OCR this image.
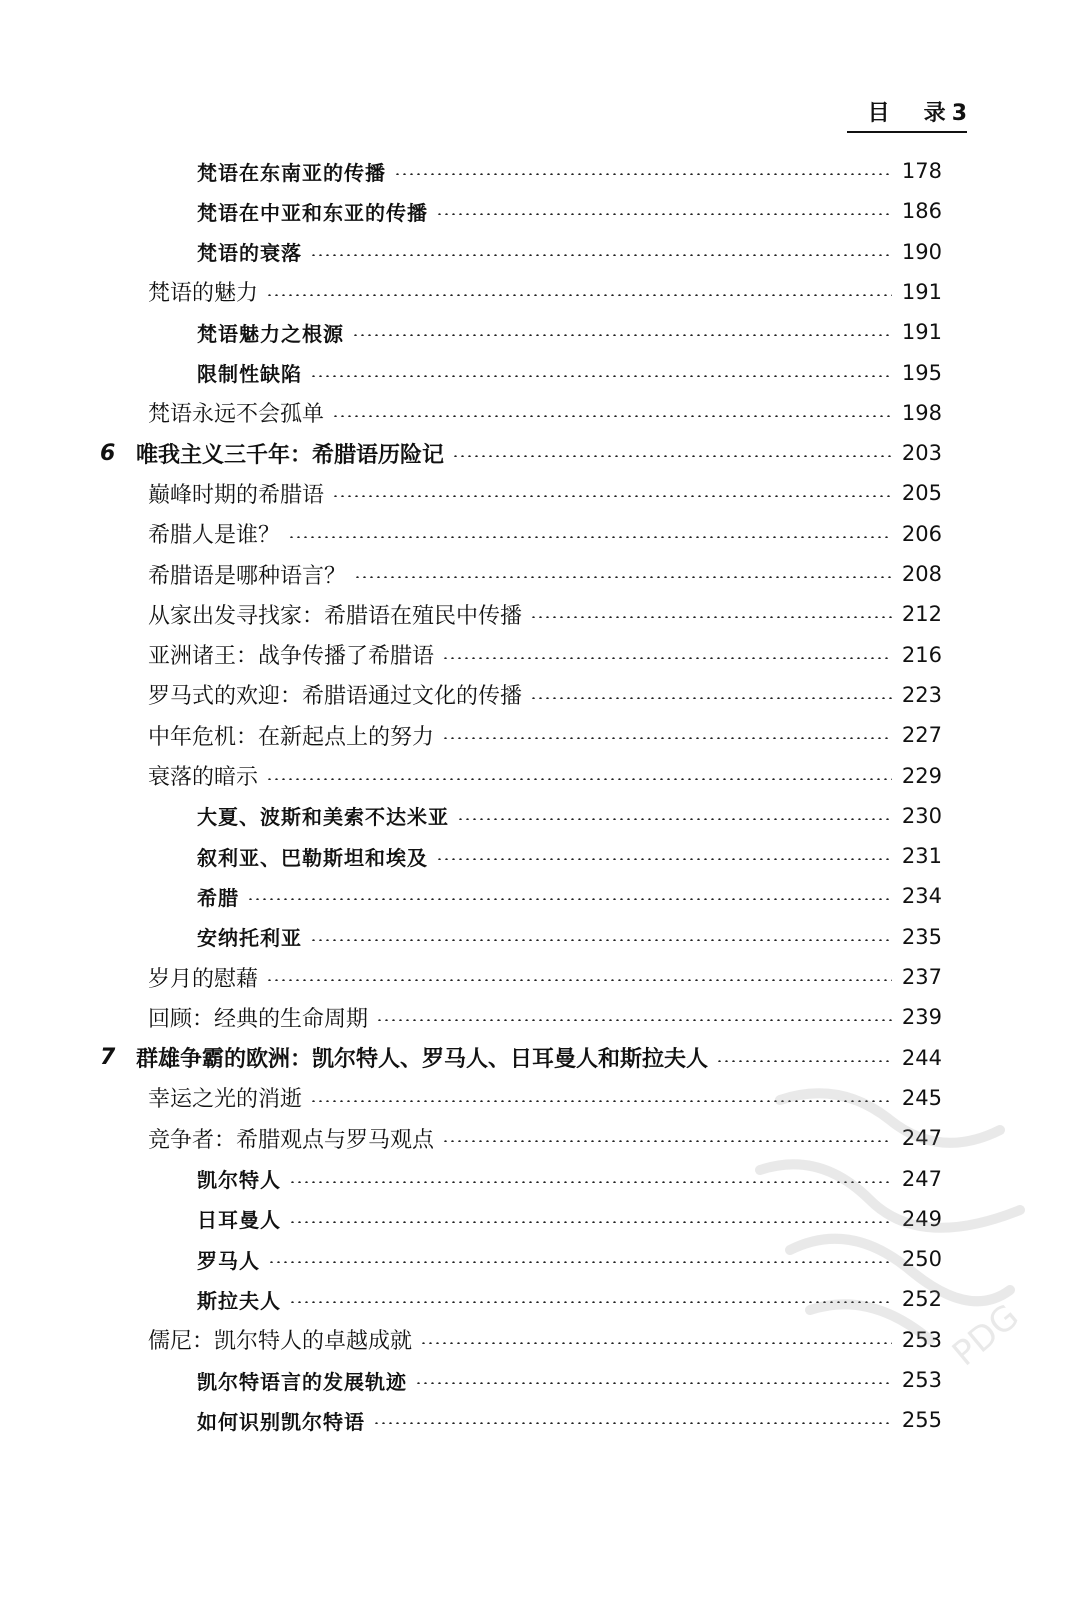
目 录 3
梵语在东南亚的传播	178
梵语在中亚和东亚的传播	186
梵语的衰落	190
梵语的魅力	191
梵语魅力之根源	191
限制性缺陷	195
梵语永远不会孤单	198
6 唯我主义三千年：希腊语历险记	203
巅峰时期的希腊语	205
希腊人是谁？	206
希腊语是哪种语言？	208
从家出发寻找家：希腊语在殖民中传播	212
亚洲诸王：战争传播了希腊语	216
罗马式的欢迎：希腊语通过文化的传播	223
中年危机：在新起点上的努力	227
衰落的暗示	229
大夏、波斯和美索不达米亚	230
叙利亚、巴勒斯坦和埃及	231
希腊	234
安纳托利亚	235
岁月的慰藉	237
回顾：经典的生命周期	239
7 群雄争霸的欧洲：凯尔特人、罗马人、日耳曼人和斯拉夫人	244
幸运之光的消逝	245
竞争者：希腊观点与罗马观点	247
凯尔特人	247
日耳曼人	249
罗马人	250
斯拉夫人	252
儒尼：凯尔特人的卓越成就	253
凯尔特语言的发展轨迹	253
如何识别凯尔特语	255
PDG
